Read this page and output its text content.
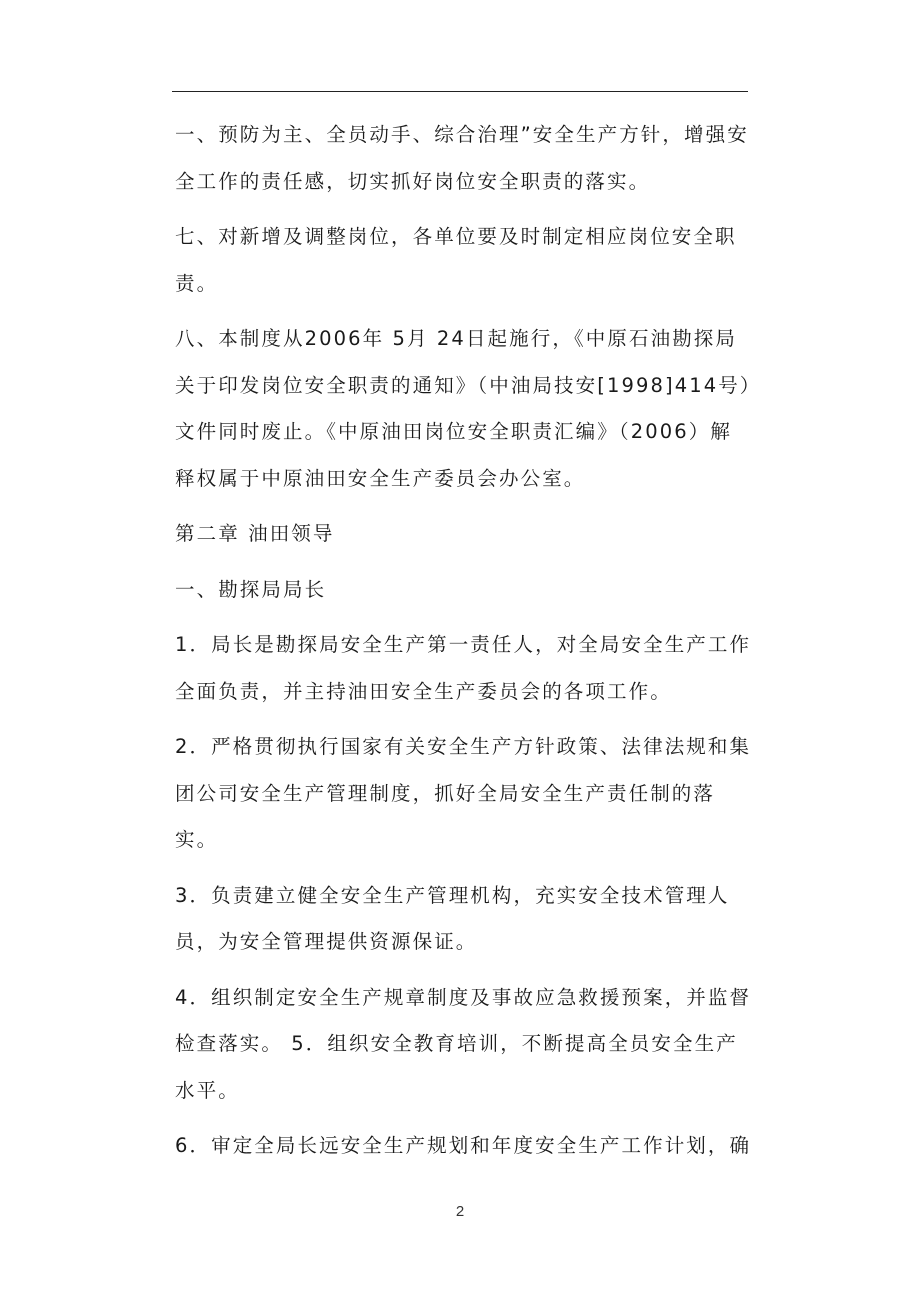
一、预防为主、全员动手、综合治理”安全生产方针，增强安全工作的责任感，切实抓好岗位安全职责的落实。

七、对新增及调整岗位，各单位要及时制定相应岗位安全职责。

八、本制度从2006年 5月 24日起施行，《中原石油勘探局关于印发岗位安全职责的通知》（中油局技安[1998]414号）文件同时废止。《中原油田岗位安全职责汇编》（2006）解释权属于中原油田安全生产委员会办公室。

第二章 油田领导

一、勘探局局长

1．局长是勘探局安全生产第一责任人，对全局安全生产工作全面负责，并主持油田安全生产委员会的各项工作。

2．严格贯彻执行国家有关安全生产方针政策、法律法规和集团公司安全生产管理制度，抓好全局安全生产责任制的落实。

3．负责建立健全安全生产管理机构，充实安全技术管理人员，为安全管理提供资源保证。

4．组织制定安全生产规章制度及事故应急救援预案，并监督检查落实。 5．组织安全教育培训，不断提高全员安全生产水平。

6．审定全局长远安全生产规划和年度安全生产工作计划，确

2
